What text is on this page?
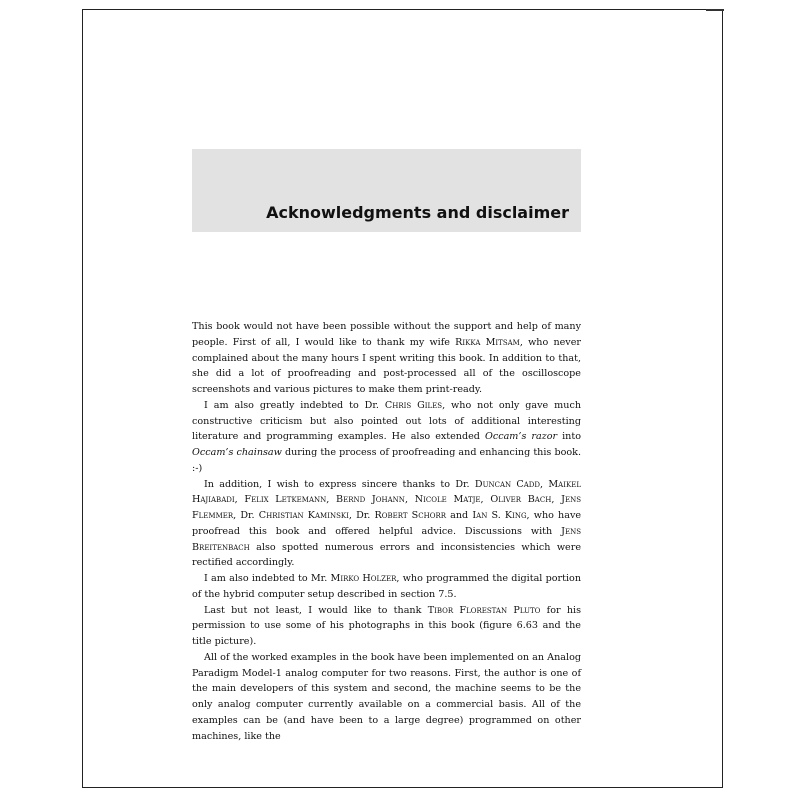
Acknowledgments and disclaimer

This book would not have been possible without the support and help of many people. First of all, I would like to thank my wife Rikka Mitsam, who never complained about the many hours I spent writing this book. In addition to that, she did a lot of proofreading and post-processed all of the oscilloscope screenshots and various pictures to make them print-ready.

I am also greatly indebted to Dr. Chris Giles, who not only gave much constructive criticism but also pointed out lots of additional interesting literature and programming examples. He also extended Occam’s razor into Occam’s chainsaw during the process of proofreading and enhancing this book. :-)

In addition, I wish to express sincere thanks to Dr. Duncan Cadd, Maikel Hajiabadi, Felix Letkemann, Bernd Johann, Nicole Matje, Oliver Bach, Jens Flemmer, Dr. Christian Kaminski, Dr. Robert Schorr and Ian S. King, who have proofread this book and offered helpful advice. Discussions with Jens Breitenbach also spotted numerous errors and inconsistencies which were rectified accordingly.

I am also indebted to Mr. Mirko Holzer, who programmed the digital portion of the hybrid computer setup described in section 7.5.

Last but not least, I would like to thank Tibor Florestan Pluto for his permission to use some of his photographs in this book (figure 6.63 and the title picture).

All of the worked examples in the book have been implemented on an Analog Paradigm Model-1 analog computer for two reasons. First, the author is one of the main developers of this system and second, the machine seems to be the only analog computer currently available on a commercial basis. All of the examples can be (and have been to a large degree) programmed on other machines, like the
